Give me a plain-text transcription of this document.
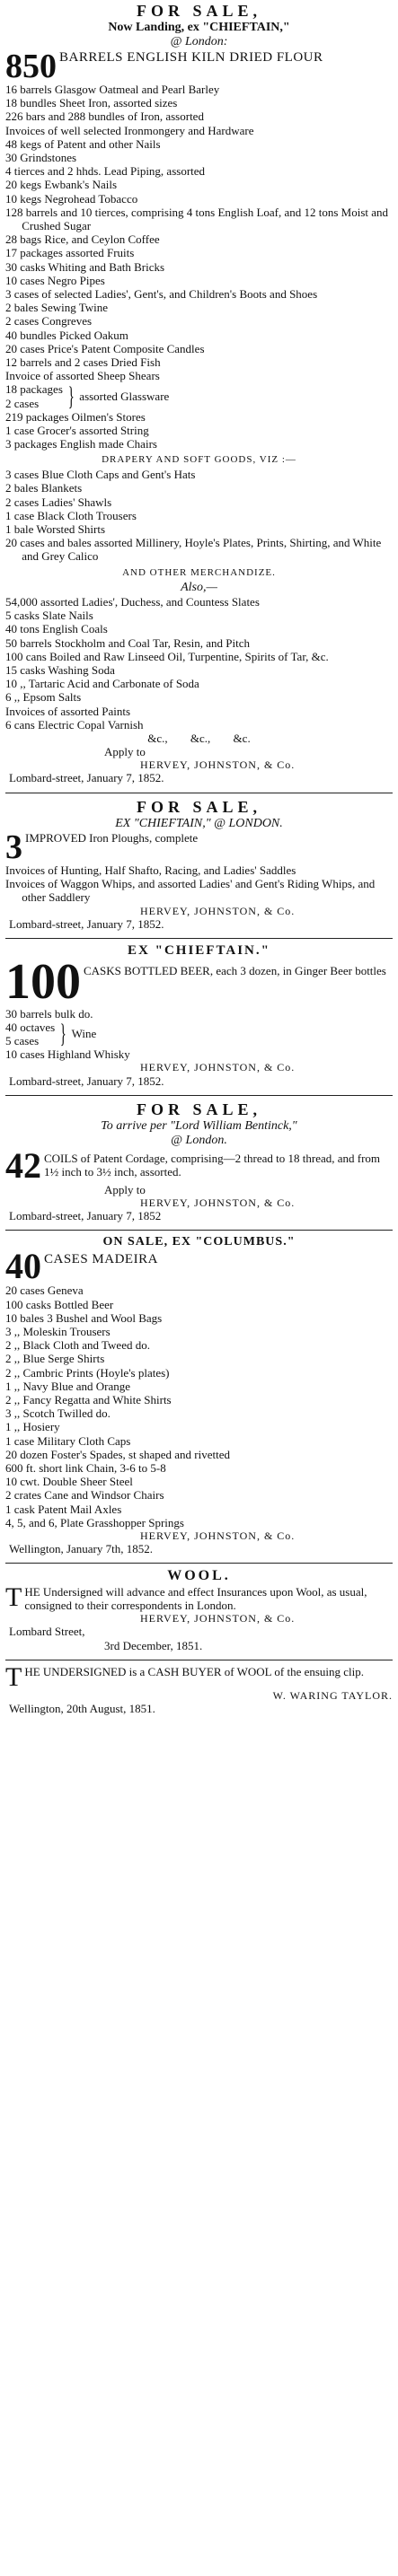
FOR SALE,
Now Landing, ex "CHIEFTAIN,"
@ London:
850 BARRELS ENGLISH KILN DRIED FLOUR
16 barrels Glasgow Oatmeal and Pearl Barley
18 bundles Sheet Iron, assorted sizes
226 bars and 288 bundles of Iron, assorted
Invoices of well selected Ironmongery and Hardware
48 kegs of Patent and other Nails
30 Grindstones
4 tierces and 2 hhds. Lead Piping, assorted
20 kegs Ewbank's Nails
10 kegs Negrohead Tobacco
128 barrels and 10 tierces, comprising 4 tons English Loaf, and 12 tons Moist and Crushed Sugar
28 bags Rice, and Ceylon Coffee
17 packages assorted Fruits
30 casks Whiting and Bath Bricks
10 cases Negro Pipes
3 cases of selected Ladies', Gent's, and Children's Boots and Shoes
2 bales Sewing Twine
2 cases Congreves
40 bundles Picked Oakum
20 cases Price's Patent Composite Candles
12 barrels and 2 cases Dried Fish
Invoice of assorted Sheep Shears
18 packages
2 cases	} assorted Glassware
219 packages Oilmen's Stores
1 case Grocer's assorted String
3 packages English made Chairs
DRAPERY AND SOFT GOODS, VIZ :—
3 cases Blue Cloth Caps and Gent's Hats
2 bales Blankets
2 cases Ladies' Shawls
1 case Black Cloth Trousers
1 bale Worsted Shirts
20 cases and bales assorted Millinery, Hoyle's Plates, Prints, Shirting, and White and Grey Calico
AND OTHER MERCHANDIZE.
Also,—
54,000 assorted Ladies', Duchess, and Countess Slates
5 casks Slate Nails
40 tons English Coals
50 barrels Stockholm and Coal Tar, Resin, and Pitch
100 cans Boiled and Raw Linseed Oil, Turpentine, Spirits of Tar, &c.
15 casks Washing Soda
10 ,, Tartaric Acid and Carbonate of Soda
6 ,, Epsom Salts
Invoices of assorted Paints
6 cans Electric Copal Varnish
&c., &c., &c.
Apply to
HERVEY, JOHNSTON, & Co.
Lombard-street, January 7, 1852.
FOR SALE,
EX "CHIEFTAIN," @ LONDON.
3 IMPROVED Iron Ploughs, complete
Invoices of Hunting, Half Shafto, Racing, and Ladies' Saddles
Invoices of Waggon Whips, and assorted Ladies' and Gent's Riding Whips, and other Saddlery
HERVEY, JOHNSTON, & Co.
Lombard-street, January 7, 1852.
EX "CHIEFTAIN."
100 CASKS BOTTLED BEER, each 3 dozen, in Ginger Beer bottles
30 barrels bulk do.
40 octaves
5 cases } Wine
10 cases Highland Whisky
HERVEY, JOHNSTON, & Co.
Lombard-street, January 7, 1852.
FOR SALE,
To arrive per "Lord William Bentinck,"
@ London.
42 COILS of Patent Cordage, comprising—2 thread to 18 thread, and from 1½ inch to 3½ inch, assorted.
Apply to
HERVEY, JOHNSTON, & Co.
Lombard-street, January 7, 1852
ON SALE, EX "COLUMBUS."
40 CASES MADEIRA
20 cases Geneva
100 casks Bottled Beer
10 bales 3 Bushel and Wool Bags
3 ,, Moleskin Trousers
2 ,, Black Cloth and Tweed do.
2 ,, Blue Serge Shirts
2 ,, Cambric Prints (Hoyle's plates)
1 ,, Navy Blue and Orange
2 ,, Fancy Regatta and White Shirts
3 ,, Scotch Twilled do.
1 ,, Hosiery
1 case Military Cloth Caps
20 dozen Foster's Spades, st shaped and rivetted
600 ft. short link Chain, 3-6 to 5-8
10 cwt. Double Sheer Steel
2 crates Cane and Windsor Chairs
1 cask Patent Mail Axles
4, 5, and 6, Plate Grasshopper Springs
HERVEY, JOHNSTON, & Co.
Wellington, January 7th, 1852.
WOOL.
T HE Undersigned will advance and effect Insurances upon Wool, as usual, consigned to their correspondents in London.
HERVEY, JOHNSTON, & Co.
Lombard Street,
3rd December, 1851.
T HE UNDERSIGNED is a CASH BUYER of WOOL of the ensuing clip.
W. WARING TAYLOR.
Wellington, 20th August, 1851.
